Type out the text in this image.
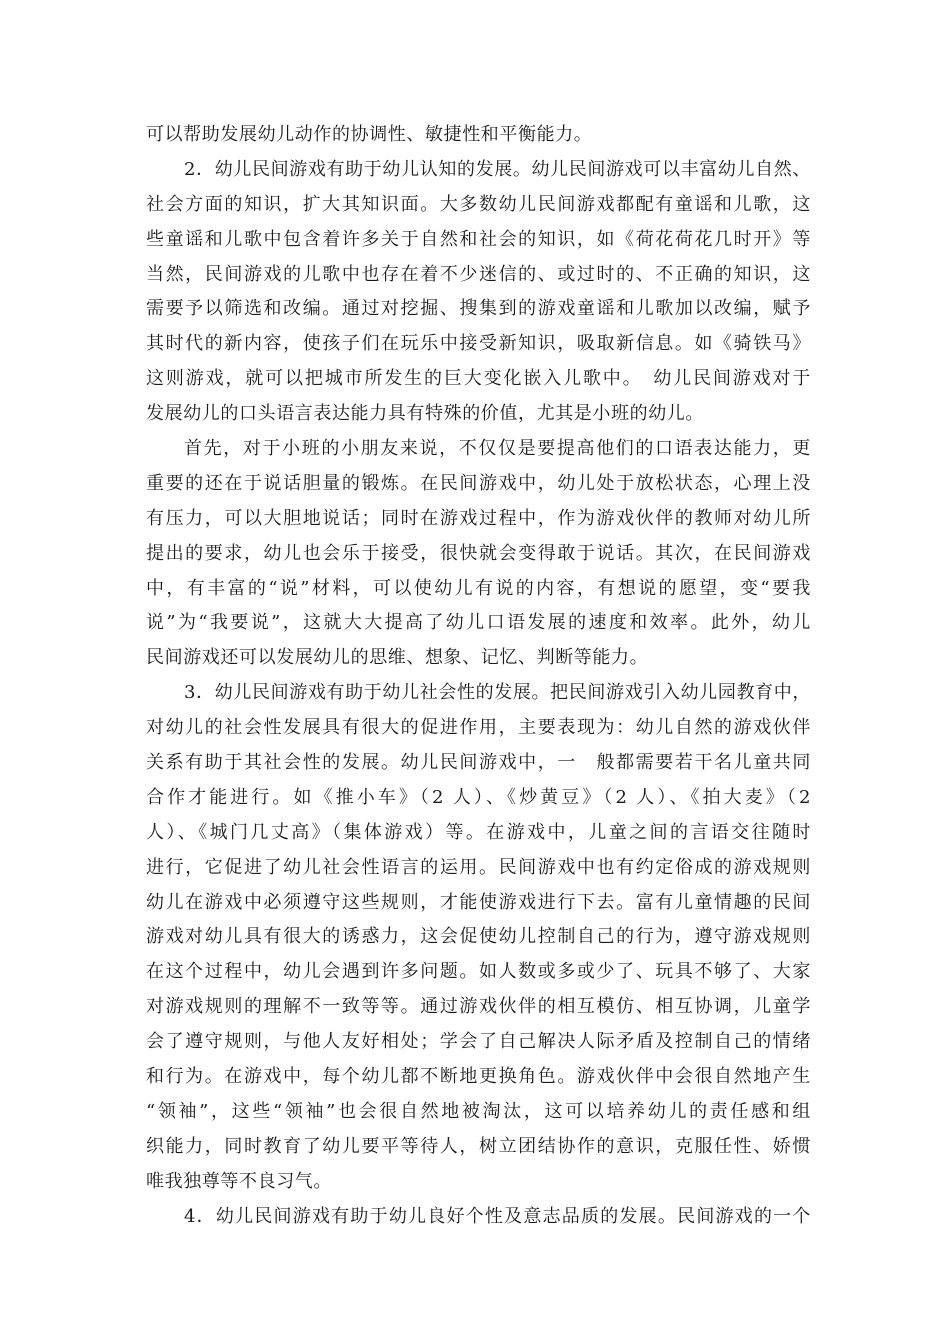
可以帮助发展幼儿动作的协调性、敏捷性和平衡能力。
2．幼儿民间游戏有助于幼儿认知的发展。幼儿民间游戏可以丰富幼儿自然、
社会方面的知识，扩大其知识面。大多数幼儿民间游戏都配有童谣和儿歌，这
些童谣和儿歌中包含着许多关于自然和社会的知识，如《荷花荷花几时开》等
当然，民间游戏的儿歌中也存在着不少迷信的、或过时的、不正确的知识，这
需要予以筛选和改编。通过对挖掘、搜集到的游戏童谣和儿歌加以改编，赋予
其时代的新内容，使孩子们在玩乐中接受新知识，吸取新信息。如《骑铁马》
这则游戏，就可以把城市所发生的巨大变化嵌入儿歌中。　幼儿民间游戏对于
发展幼儿的口头语言表达能力具有特殊的价值，尤其是小班的幼儿。
首先，对于小班的小朋友来说，不仅仅是要提高他们的口语表达能力，更
重要的还在于说话胆量的锻炼。在民间游戏中，幼儿处于放松状态，心理上没
有压力，可以大胆地说话；同时在游戏过程中，作为游戏伙伴的教师对幼儿所
提出的要求，幼儿也会乐于接受，很快就会变得敢于说话。其次，在民间游戏
中，有丰富的“说”材料，可以使幼儿有说的内容，有想说的愿望，变“要我
说”为“我要说”，这就大大提高了幼儿口语发展的速度和效率。此外，幼儿
民间游戏还可以发展幼儿的思维、想象、记忆、判断等能力。
3．幼儿民间游戏有助于幼儿社会性的发展。把民间游戏引入幼儿园教育中，
对幼儿的社会性发展具有很大的促进作用，主要表现为：幼儿自然的游戏伙伴
关系有助于其社会性的发展。幼儿民间游戏中，一　般都需要若干名儿童共同
合作才能进行。如《推小车》（2 人）、《炒黄豆》（2 人）、《拍大麦》（2
人）、《城门几丈高》（集体游戏）等。在游戏中，儿童之间的言语交往随时
进行，它促进了幼儿社会性语言的运用。民间游戏中也有约定俗成的游戏规则
幼儿在游戏中必须遵守这些规则，才能使游戏进行下去。富有儿童情趣的民间
游戏对幼儿具有很大的诱惑力，这会促使幼儿控制自己的行为，遵守游戏规则
在这个过程中，幼儿会遇到许多问题。如人数或多或少了、玩具不够了、大家
对游戏规则的理解不一致等等。通过游戏伙伴的相互模仿、相互协调，儿童学
会了遵守规则，与他人友好相处；学会了自己解决人际矛盾及控制自己的情绪
和行为。在游戏中，每个幼儿都不断地更换角色。游戏伙伴中会很自然地产生
“领袖”，这些“领袖”也会很自然地被淘汰，这可以培养幼儿的责任感和组
织能力，同时教育了幼儿要平等待人，树立团结协作的意识，克服任性、娇惯
唯我独尊等不良习气。
4．幼儿民间游戏有助于幼儿良好个性及意志品质的发展。民间游戏的一个
